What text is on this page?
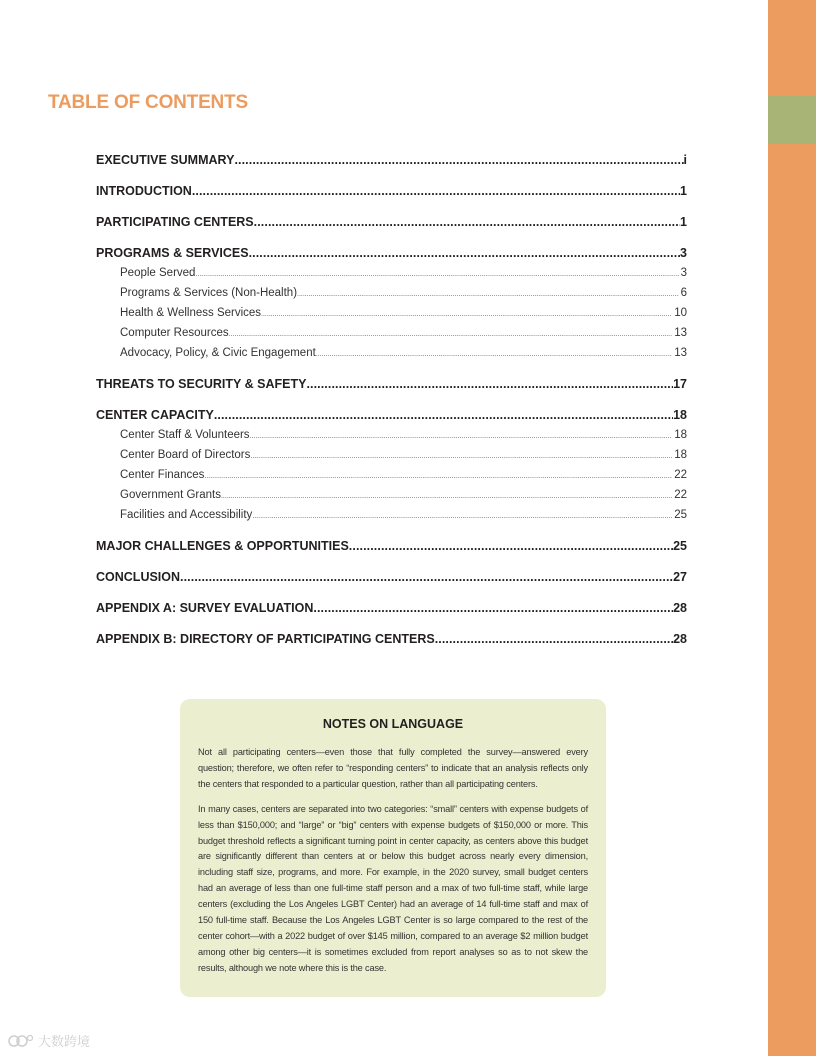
TABLE OF CONTENTS
EXECUTIVE SUMMARY .....	i
INTRODUCTION .....	1
PARTICIPATING CENTERS .....	1
PROGRAMS & SERVICES .....	3
People Served .....	3
Programs & Services (Non-Health) .....	6
Health & Wellness Services .....	10
Computer Resources .....	13
Advocacy, Policy, & Civic Engagement .....	13
THREATS TO SECURITY & SAFETY .....	17
CENTER CAPACITY .....	18
Center Staff & Volunteers .....	18
Center Board of Directors .....	18
Center Finances .....	22
Government Grants .....	22
Facilities and Accessibility .....	25
MAJOR CHALLENGES & OPPORTUNITIES .....	25
CONCLUSION .....	27
APPENDIX A: SURVEY EVALUATION .....	28
APPENDIX B: DIRECTORY OF PARTICIPATING CENTERS .....	28
NOTES ON LANGUAGE

Not all participating centers—even those that fully completed the survey—answered every question; therefore, we often refer to “responding centers” to indicate that an analysis reflects only the centers that responded to a particular question, rather than all participating centers.

In many cases, centers are separated into two categories: “small” centers with expense budgets of less than $150,000; and “large” or “big” centers with expense budgets of $150,000 or more. This budget threshold reflects a significant turning point in center capacity, as centers above this budget are significantly different than centers at or below this budget across nearly every dimension, including staff size, programs, and more. For example, in the 2020 survey, small budget centers had an average of less than one full-time staff person and a max of two full-time staff, while large centers (excluding the Los Angeles LGBT Center) had an average of 14 full-time staff and max of 150 full-time staff. Because the Los Angeles LGBT Center is so large compared to the rest of the center cohort—with a 2022 budget of over $145 million, compared to an average $2 million budget among other big centers—it is sometimes excluded from report analyses so as to not skew the results, although we note where this is the case.

大数跨境
